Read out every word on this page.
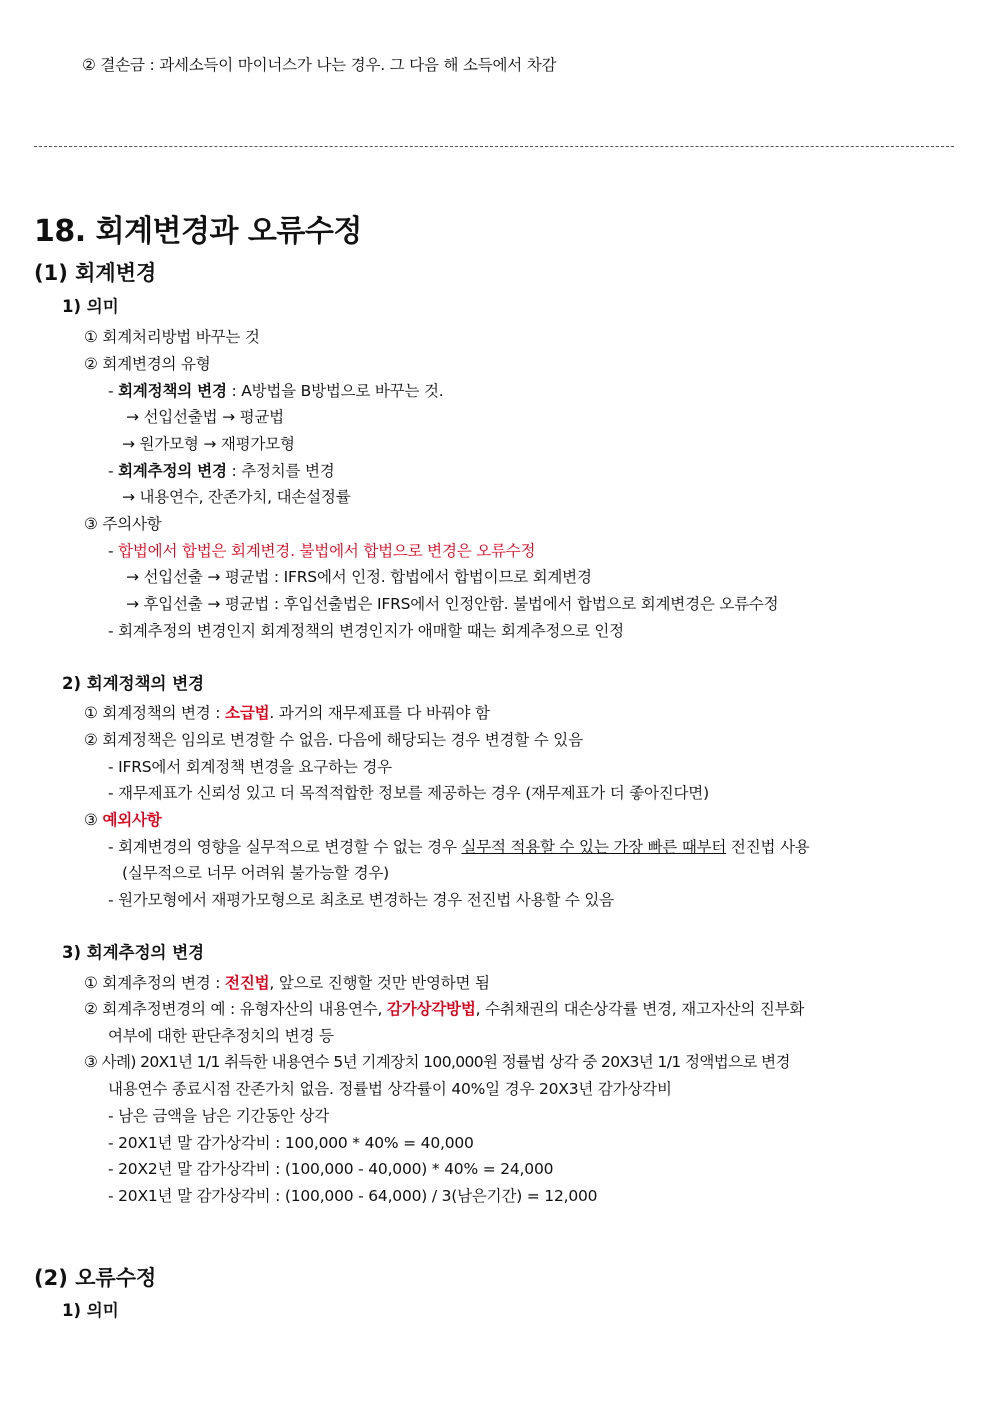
② 결손금 : 과세소득이 마이너스가 나는 경우. 그 다음 해 소득에서 차감
18. 회계변경과 오류수정
(1) 회계변경
1) 의미
① 회계처리방법 바꾸는 것
② 회계변경의 유형
- 회계정책의 변경 : A방법을 B방법으로 바꾸는 것.
→ 선입선출법 → 평균법
→ 원가모형 → 재평가모형
- 회계추정의 변경 : 추정치를 변경
→ 내용연수, 잔존가치, 대손설정률
③ 주의사항
- 합법에서 합법은 회계변경. 불법에서 합법으로 변경은 오류수정
→ 선입선출 → 평균법 : IFRS에서 인정. 합법에서 합법이므로 회계변경
→ 후입선출 → 평균법 : 후입선출법은 IFRS에서 인정안함. 불법에서 합법으로 회계변경은 오류수정
- 회계추정의 변경인지 회계정책의 변경인지가 애매할 때는 회계추정으로 인정
2) 회계정책의 변경
① 회계정책의 변경 : 소급법. 과거의 재무제표를 다 바꿔야 함
② 회계정책은 임의로 변경할 수 없음. 다음에 해당되는 경우 변경할 수 있음
- IFRS에서 회계정책 변경을 요구하는 경우
- 재무제표가 신뢰성 있고 더 목적적합한 정보를 제공하는 경우 (재무제표가 더 좋아진다면)
③ 예외사항
- 회계변경의 영향을 실무적으로 변경할 수 없는 경우 실무적 적용할 수 있는 가장 빠른 때부터 전진법 사용
(실무적으로 너무 어려워 불가능할 경우)
- 원가모형에서 재평가모형으로 최초로 변경하는 경우 전진법 사용할 수 있음
3) 회계추정의 변경
① 회계추정의 변경 : 전진법, 앞으로 진행할 것만 반영하면 됨
② 회계추정변경의 예 : 유형자산의 내용연수, 감가상각방법, 수취채권의 대손상각률 변경, 재고자산의 진부화
여부에 대한 판단추정치의 변경 등
③ 사례) 20X1년 1/1 취득한 내용연수 5년 기계장치 100,000원 정률법 상각 중 20X3년 1/1 정액법으로 변경
내용연수 종료시점 잔존가치 없음. 정률법 상각률이 40%일 경우 20X3년 감가상각비
- 남은 금액을 남은 기간동안 상각
- 20X1년 말 감가상각비 : 100,000 * 40% = 40,000
- 20X2년 말 감가상각비 : (100,000 - 40,000) * 40% = 24,000
- 20X1년 말 감가상각비 : (100,000 - 64,000) / 3(남은기간) = 12,000
(2) 오류수정
1) 의미
